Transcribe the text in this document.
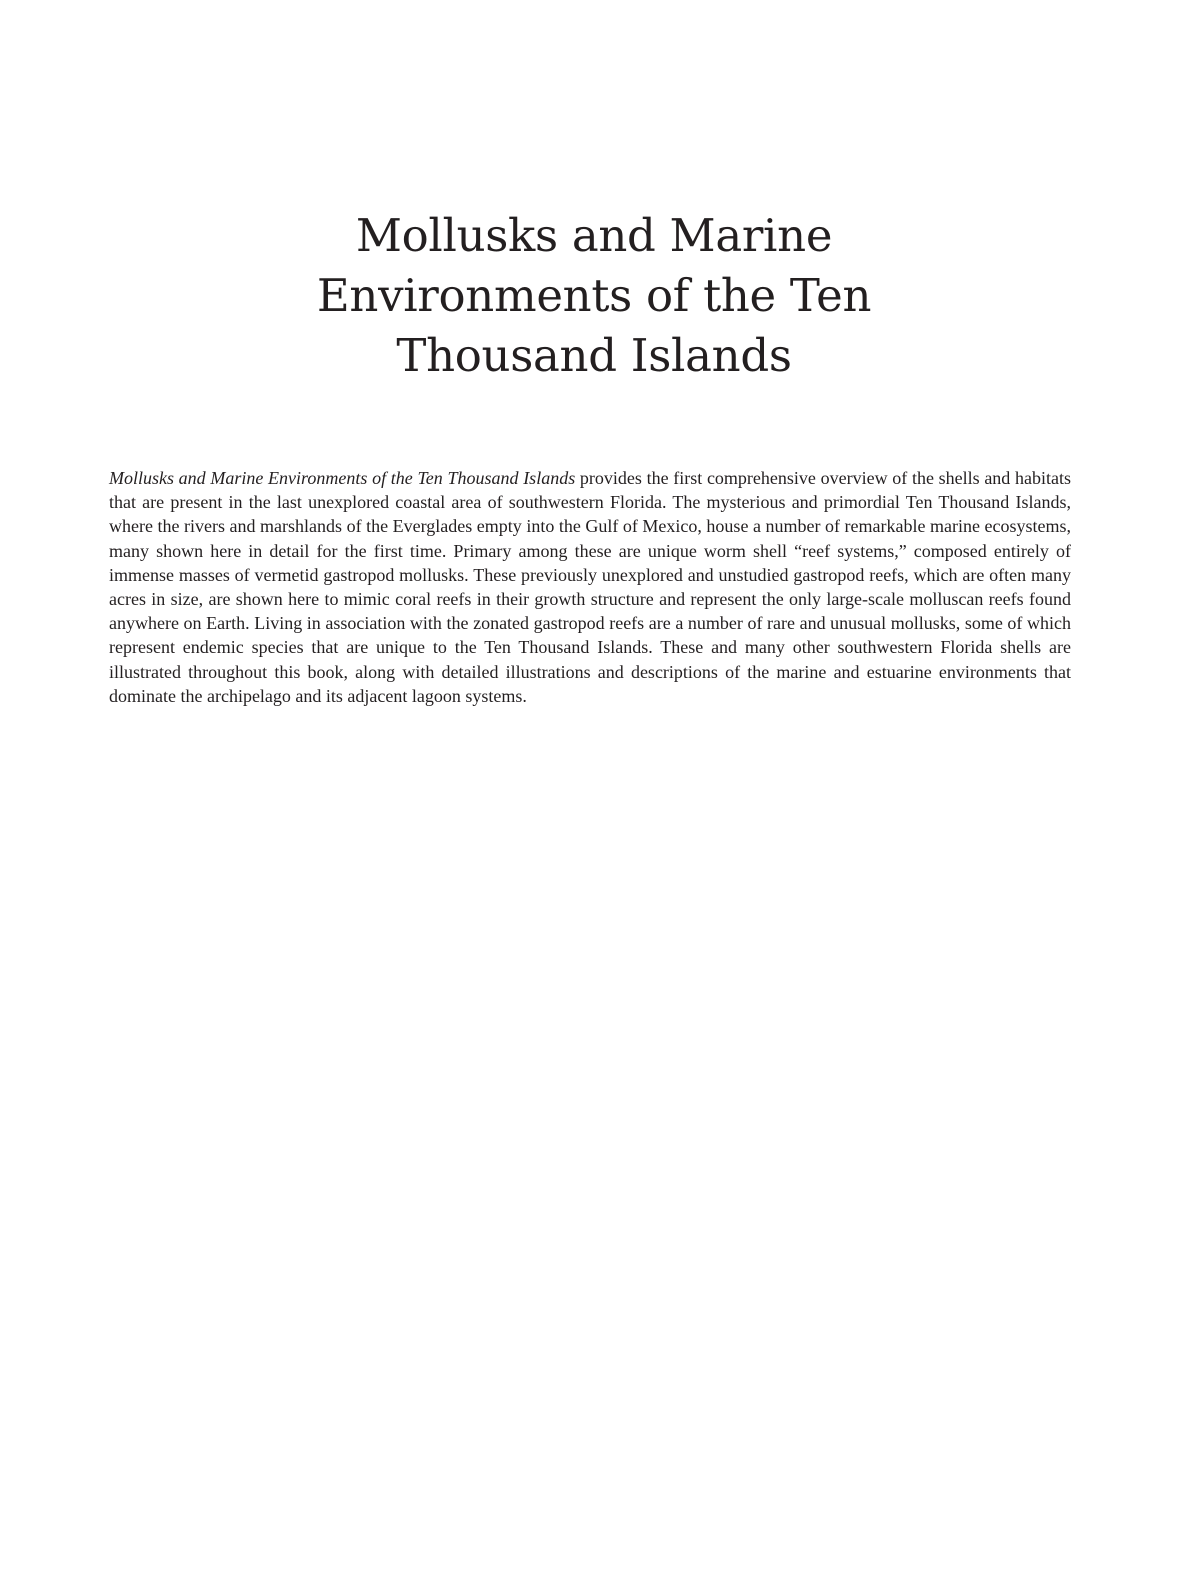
Mollusks and Marine
Environments of the Ten
Thousand Islands

Mollusks and Marine Environments of the Ten Thousand Islands provides the first comprehensive overview of the shells and habitats that are present in the last unexplored coastal area of southwestern Florida. The mysterious and primordial Ten Thousand Islands, where the rivers and marshlands of the Everglades empty into the Gulf of Mexico, house a number of remarkable marine ecosystems, many shown here in detail for the first time. Primary among these are unique worm shell “reef systems,” composed entirely of immense masses of vermetid gastropod mollusks. These previously unexplored and unstudied gastropod reefs, which are often many acres in size, are shown here to mimic coral reefs in their growth structure and represent the only large-scale molluscan reefs found anywhere on Earth. Living in association with the zonated gastropod reefs are a number of rare and unusual mollusks, some of which represent endemic species that are unique to the Ten Thousand Islands. These and many other southwestern Florida shells are illustrated throughout this book, along with detailed illustrations and descriptions of the marine and estuarine environments that dominate the archipelago and its adjacent lagoon systems.
